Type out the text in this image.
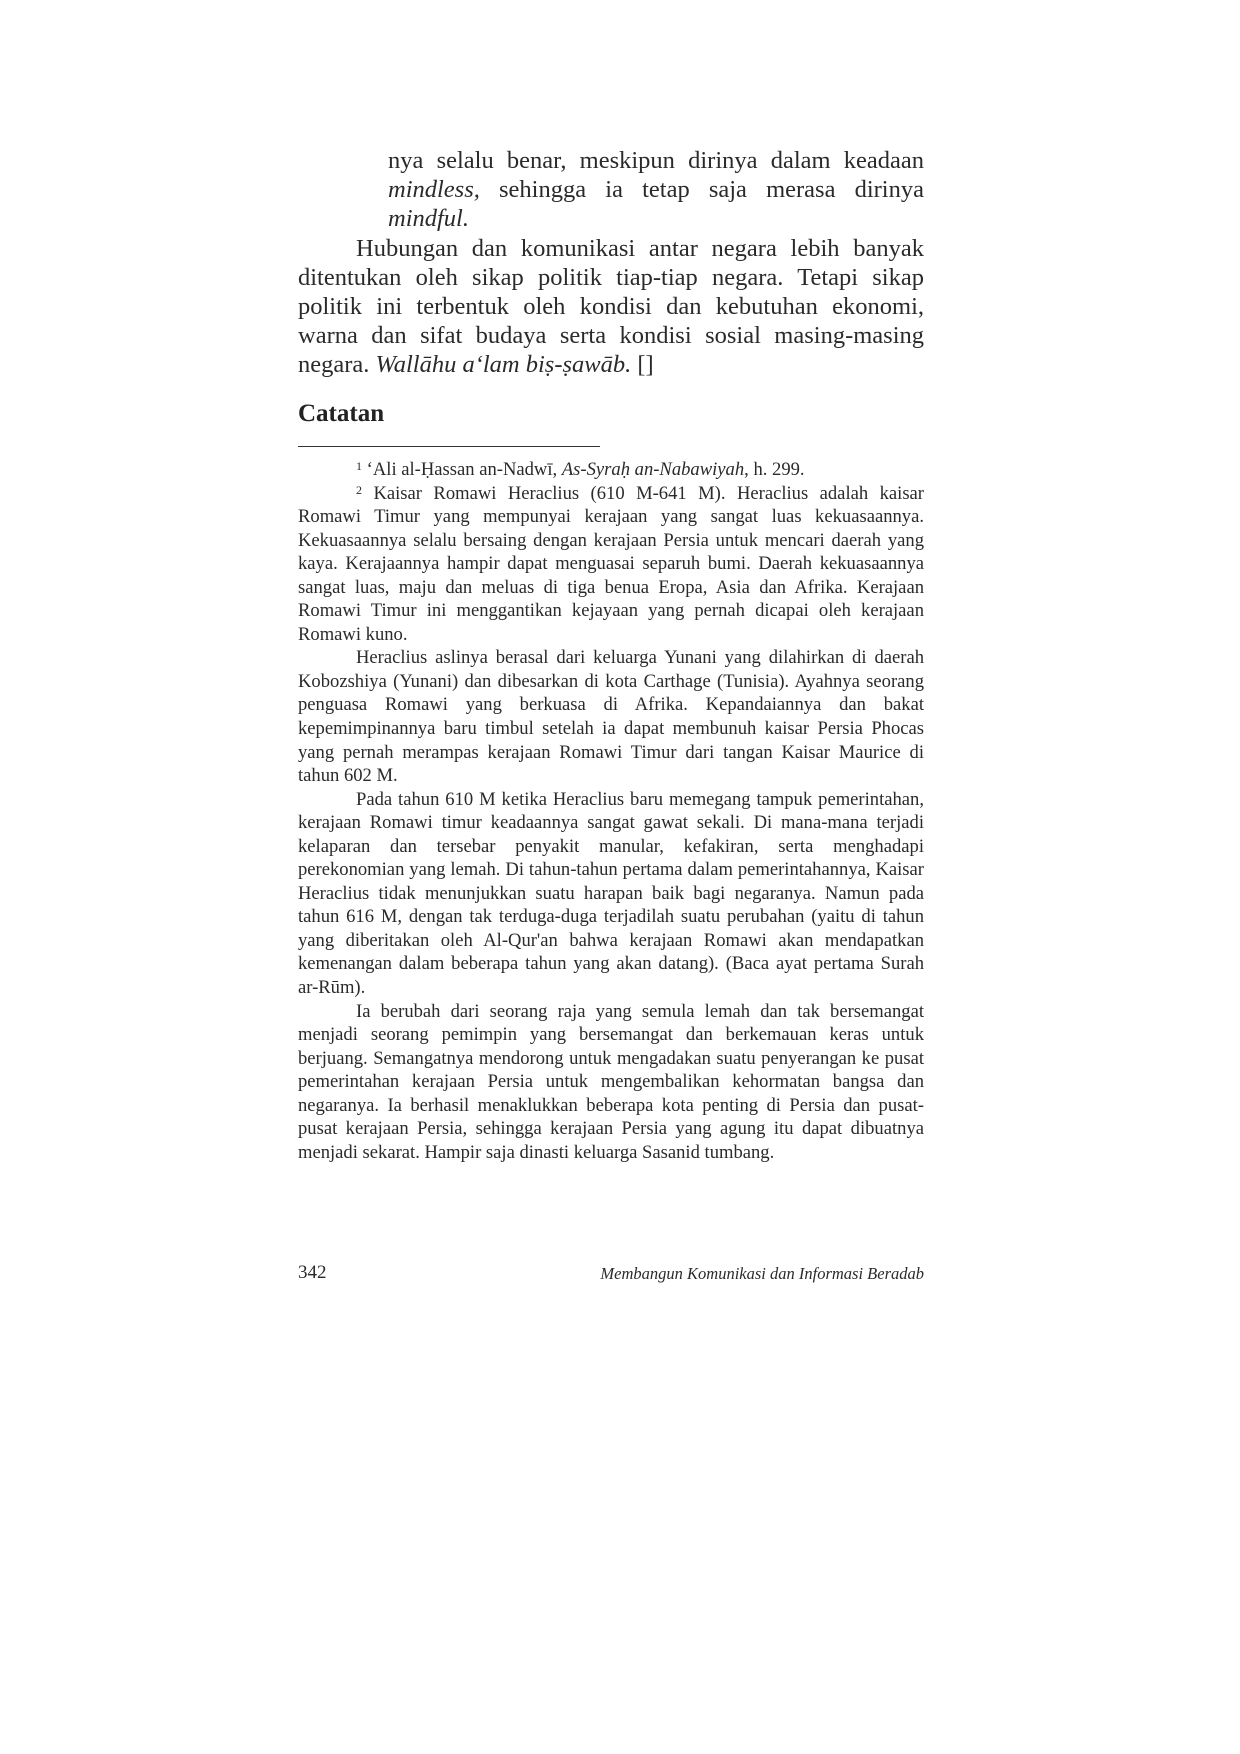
nya selalu benar, meskipun dirinya dalam keadaan mindless, sehingga ia tetap saja merasa dirinya mindful.

Hubungan dan komunikasi antar negara lebih banyak ditentukan oleh sikap politik tiap-tiap negara. Tetapi sikap politik ini terbentuk oleh kondisi dan kebutuhan ekonomi, warna dan sifat budaya serta kondisi sosial masing-masing negara. Wallāhu a‘lam biṣ-ṣawāb. []

Catatan

$^1$ ‘Ali al-Ḥassan an-Nadwī, As-Syraḥ an-Nabawiyah, h. 299.

$^2$ Kaisar Romawi Heraclius (610 M-641 M). Heraclius adalah kaisar Romawi Timur yang mempunyai kerajaan yang sangat luas kekuasaannya. Kekuasaannya selalu bersaing dengan kerajaan Persia untuk mencari daerah yang kaya. Kerajaannya hampir dapat menguasai separuh bumi. Daerah kekuasaannya sangat luas, maju dan meluas di tiga benua Eropa, Asia dan Afrika. Kerajaan Romawi Timur ini menggantikan kejayaan yang pernah dicapai oleh kerajaan Romawi kuno.

Heraclius aslinya berasal dari keluarga Yunani yang dilahirkan di daerah Kobozshiya (Yunani) dan dibesarkan di kota Carthage (Tunisia). Ayahnya seorang penguasa Romawi yang berkuasa di Afrika. Kepandaiannya dan bakat kepemimpinannya baru timbul setelah ia dapat membunuh kaisar Persia Phocas yang pernah merampas kerajaan Romawi Timur dari tangan Kaisar Maurice di tahun 602 M.

Pada tahun 610 M ketika Heraclius baru memegang tampuk pemerintahan, kerajaan Romawi timur keadaannya sangat gawat sekali. Di mana-mana terjadi kelaparan dan tersebar penyakit manular, kefakiran, serta menghadapi perekonomian yang lemah. Di tahun-tahun pertama dalam pemerintahannya, Kaisar Heraclius tidak menunjukkan suatu harapan baik bagi negaranya. Namun pada tahun 616 M, dengan tak terduga-duga terjadilah suatu perubahan (yaitu di tahun yang diberitakan oleh Al-Qur'an bahwa kerajaan Romawi akan mendapatkan kemenangan dalam beberapa tahun yang akan datang). (Baca ayat pertama Surah ar-Rūm).

Ia berubah dari seorang raja yang semula lemah dan tak bersemangat menjadi seorang pemimpin yang bersemangat dan berkemauan keras untuk berjuang. Semangatnya mendorong untuk mengadakan suatu penyerangan ke pusat pemerintahan kerajaan Persia untuk mengembalikan kehormatan bangsa dan negaranya. Ia berhasil menaklukkan beberapa kota penting di Persia dan pusat-pusat kerajaan Persia, sehingga kerajaan Persia yang agung itu dapat dibuatnya menjadi sekarat. Hampir saja dinasti keluarga Sasanid tumbang.

342	Membangun Komunikasi dan Informasi Beradab
